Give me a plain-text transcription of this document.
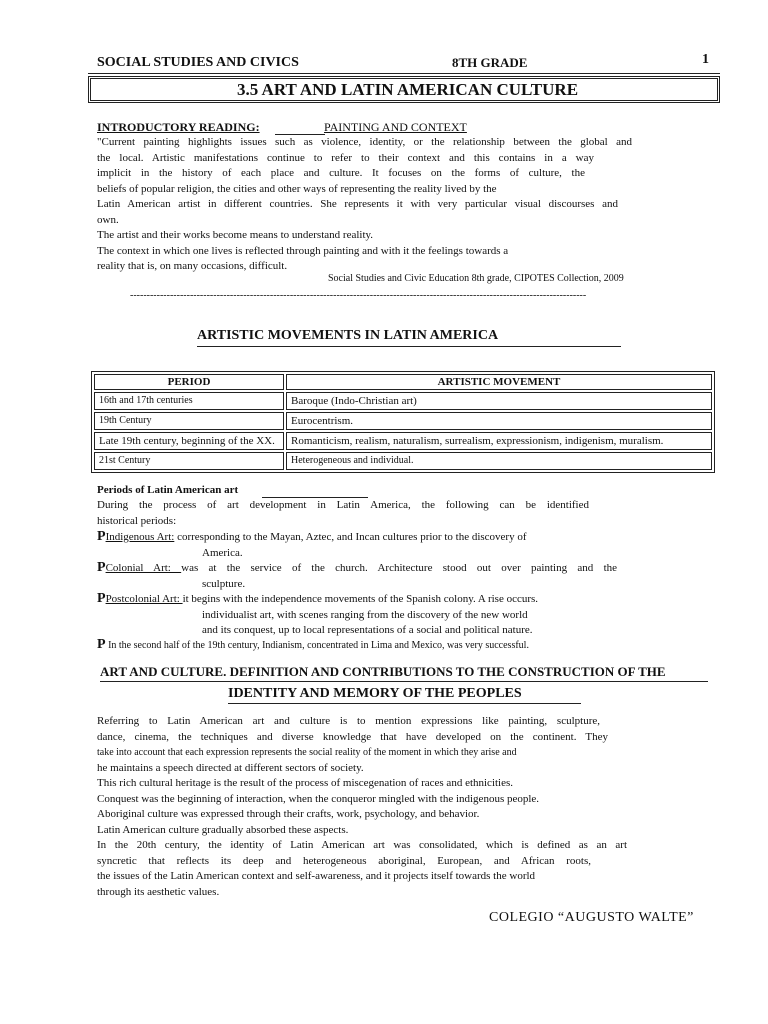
SOCIAL STUDIES AND CIVICS	8TH GRADE	1
3.5 ART AND LATIN AMERICAN CULTURE
INTRODUCTORY READING:	PAINTING AND CONTEXT
"Current painting highlights issues such as violence, identity, or the relationship between the global and
the local. Artistic manifestations continue to refer to their context and this contains in a way
implicit in the history of each place and culture. It focuses on the forms of culture, the
beliefs of popular religion, the cities and other ways of representing the reality lived by the
Latin American artist in different countries. She represents it with very particular visual discourses and
own.
The artist and their works become means to understand reality.
The context in which one lives is reflected through painting and with it the feelings towards a
reality that is, on many occasions, difficult.
Social Studies and Civic Education 8th grade, CIPOTES Collection, 2009
-----------------------------------------------------------------------------------------------------------------------------------------
ARTISTIC MOVEMENTS IN LATIN AMERICA
PERIOD	ARTISTIC MOVEMENT
16th and 17th centuries	Baroque (Indo-Christian art)
19th Century	Eurocentrism.
Late 19th century, beginning of the XX.	Romanticism, realism, naturalism, surrealism, expressionism, indigenism, muralism.
21st Century	Heterogeneous and individual.
Periods of Latin American art
During the process of art development in Latin America, the following can be identified
historical periods:
PIndigenous Art: corresponding to the Mayan, Aztec, and Incan cultures prior to the discovery of
America.
PColonial Art: was at the service of the church. Architecture stood out over painting and the
sculpture.
PPostcolonial Art: it begins with the independence movements of the Spanish colony. A rise occurs.
individualist art, with scenes ranging from the discovery of the new world
and its conquest, up to local representations of a social and political nature.
P In the second half of the 19th century, Indianism, concentrated in Lima and Mexico, was very successful.
ART AND CULTURE. DEFINITION AND CONTRIBUTIONS TO THE CONSTRUCTION OF THE
IDENTITY AND MEMORY OF THE PEOPLES
Referring to Latin American art and culture is to mention expressions like painting, sculpture,
dance, cinema, the techniques and diverse knowledge that have developed on the continent. They
take into account that each expression represents the social reality of the moment in which they arise and
he maintains a speech directed at different sectors of society.
This rich cultural heritage is the result of the process of miscegenation of races and ethnicities.
Conquest was the beginning of interaction, when the conqueror mingled with the indigenous people.
Aboriginal culture was expressed through their crafts, work, psychology, and behavior.
Latin American culture gradually absorbed these aspects.
In the 20th century, the identity of Latin American art was consolidated, which is defined as an art
syncretic that reflects its deep and heterogeneous aboriginal, European, and African roots,
the issues of the Latin American context and self-awareness, and it projects itself towards the world
through its aesthetic values.
COLEGIO “AUGUSTO WALTE”
